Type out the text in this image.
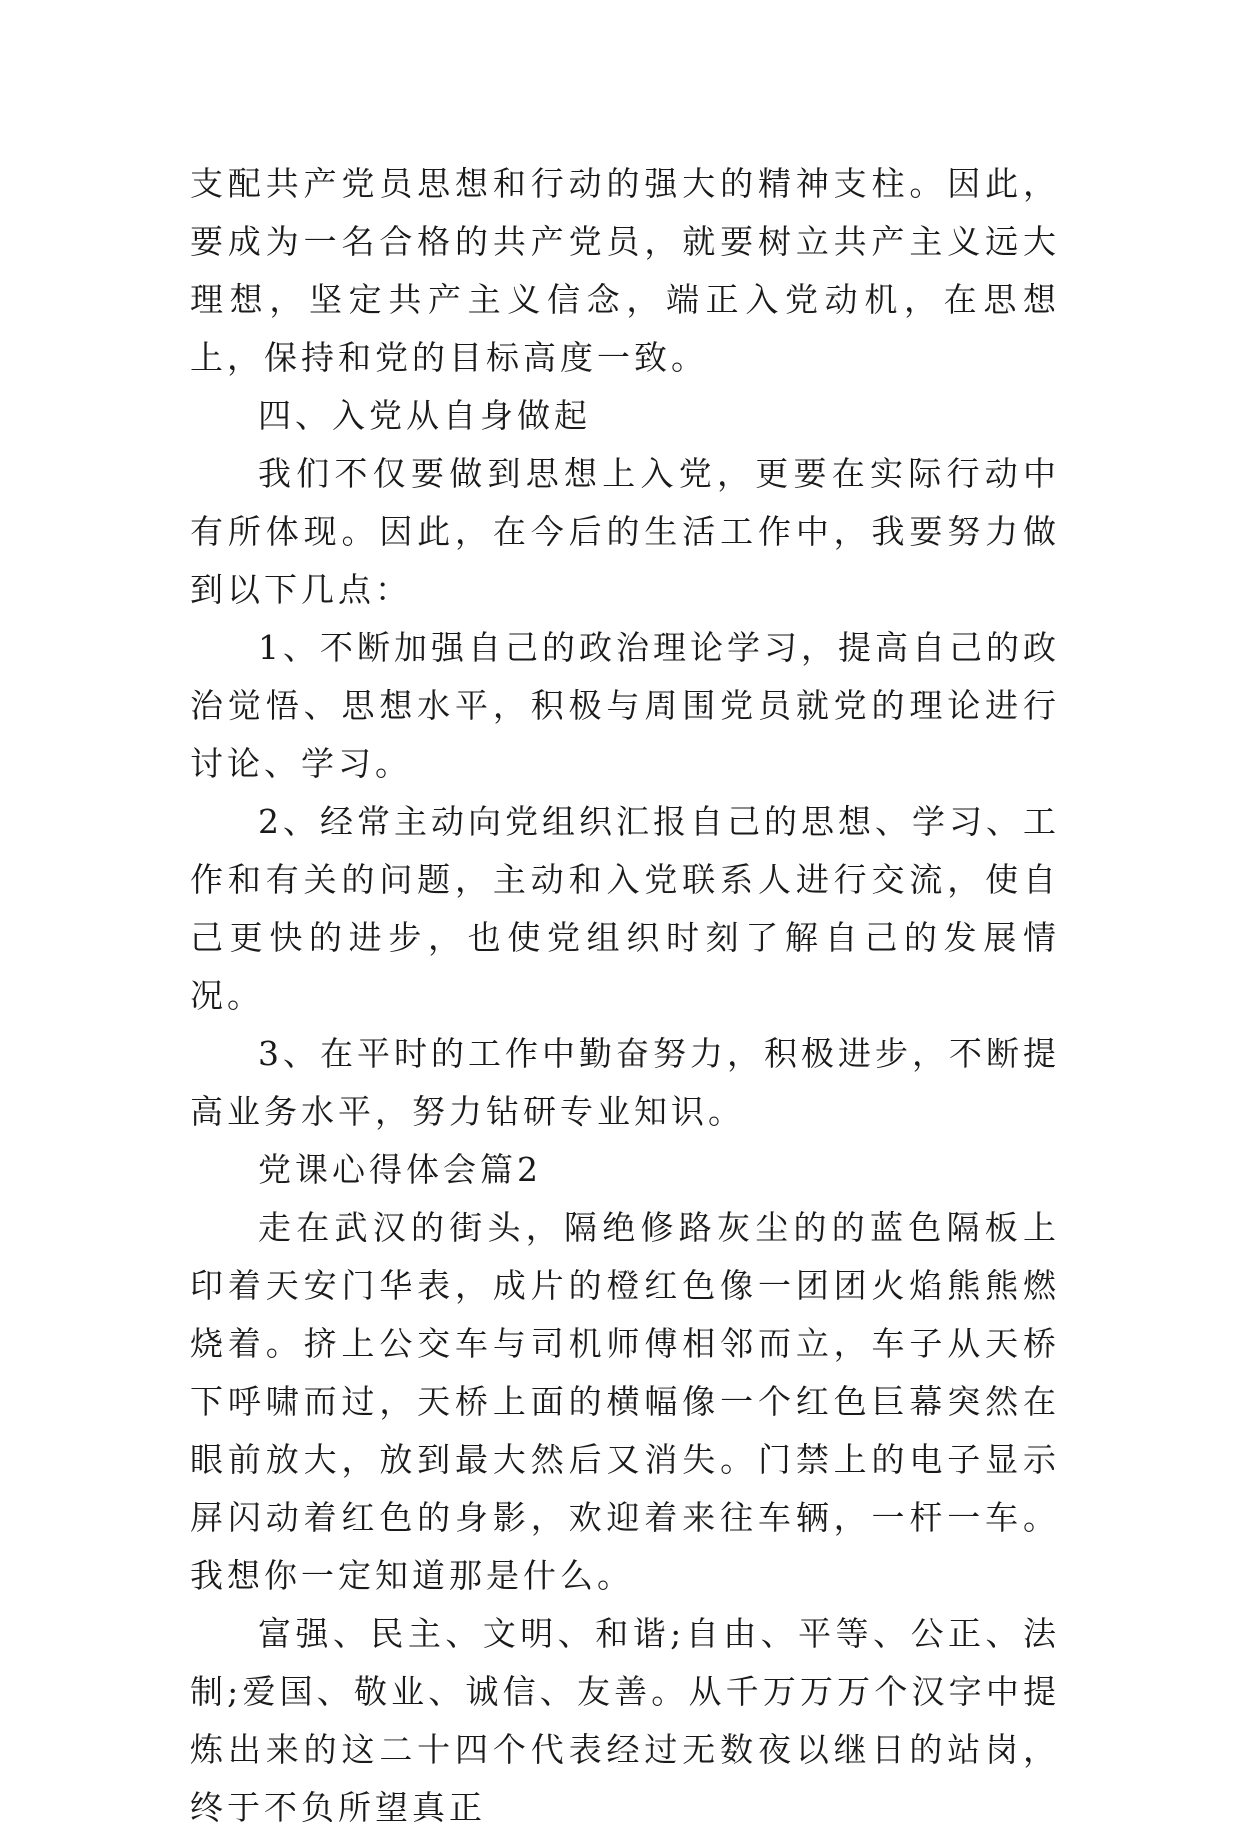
支配共产党员思想和行动的强大的精神支柱。因此，要成为一名合格的共产党员，就要树立共产主义远大理想，坚定共产主义信念，端正入党动机，在思想上，保持和党的目标高度一致。

四、入党从自身做起

我们不仅要做到思想上入党，更要在实际行动中有所体现。因此，在今后的生活工作中，我要努力做到以下几点：

1、不断加强自己的政治理论学习，提高自己的政治觉悟、思想水平，积极与周围党员就党的理论进行讨论、学习。

2、经常主动向党组织汇报自己的思想、学习、工作和有关的问题，主动和入党联系人进行交流，使自己更快的进步，也使党组织时刻了解自己的发展情况。

3、在平时的工作中勤奋努力，积极进步，不断提高业务水平，努力钻研专业知识。

党课心得体会篇2

走在武汉的街头，隔绝修路灰尘的的蓝色隔板上印着天安门华表，成片的橙红色像一团团火焰熊熊燃烧着。挤上公交车与司机师傅相邻而立，车子从天桥下呼啸而过，天桥上面的横幅像一个红色巨幕突然在眼前放大，放到最大然后又消失。门禁上的电子显示屏闪动着红色的身影，欢迎着来往车辆，一杆一车。我想你一定知道那是什么。

富强、民主、文明、和谐;自由、平等、公正、法制;爱国、敬业、诚信、友善。从千万万万个汉字中提炼出来的这二十四个代表经过无数夜以继日的站岗，终于不负所望真正
